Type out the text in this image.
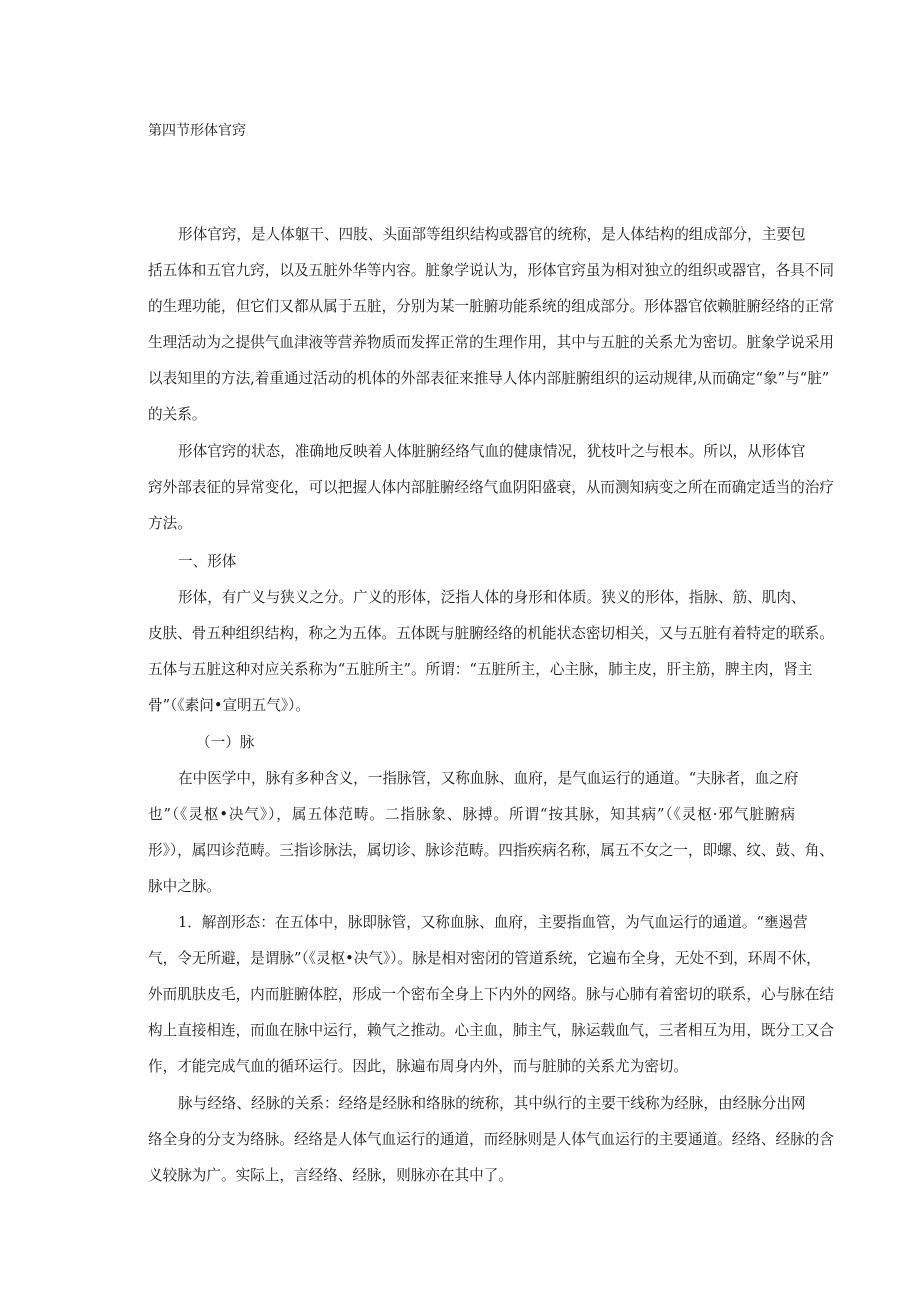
第四节形体官窍
形体官窍，是人体躯干、四肢、头面部等组织结构或器官的统称，是人体结构的组成部分，主要包
括五体和五官九窍，以及五脏外华等内容。脏象学说认为，形体官窍虽为相对独立的组织或器官，各具不同
的生理功能，但它们又都从属于五脏，分别为某一脏腑功能系统的组成部分。形体器官依赖脏腑经络的正常
生理活动为之提供气血津液等营养物质而发挥正常的生理作用，其中与五脏的关系尤为密切。脏象学说采用
以表知里的方法,着重通过活动的机体的外部表征来推导人体内部脏腑组织的运动规律,从而确定“象”与“脏”
的关系。
形体官窍的状态，准确地反映着人体脏腑经络气血的健康情况，犹枝叶之与根本。所以，从形体官
窍外部表征的异常变化，可以把握人体内部脏腑经络气血阴阳盛衰，从而测知病变之所在而确定适当的治疗
方法。
一、形体
形体，有广义与狭义之分。广义的形体，泛指人体的身形和体质。狭义的形体，指脉、筋、肌肉、
皮肤、骨五种组织结构，称之为五体。五体既与脏腑经络的机能状态密切相关，又与五脏有着特定的联系。
五体与五脏这种对应关系称为“五脏所主”。所谓：“五脏所主，心主脉，肺主皮，肝主筋，脾主肉，肾主
骨”（《素问•宣明五气》）。
（一）脉
在中医学中，脉有多种含义，一指脉管，又称血脉、血府，是气血运行的通道。“夫脉者，血之府
也”（《灵枢•决气》），属五体范畴。二指脉象、脉搏。所谓“按其脉，知其病”（《灵枢·邪气脏腑病
形》），属四诊范畴。三指诊脉法，属切诊、脉诊范畴。四指疾病名称，属五不女之一，即螺、纹、鼓、角、
脉中之脉。
1．解剖形态：在五体中，脉即脉管，又称血脉、血府，主要指血管，为气血运行的通道。“壅遏营
气，令无所避，是谓脉”（《灵枢•决气》）。脉是相对密闭的管道系统，它遍布全身，无处不到，环周不休，
外而肌肤皮毛，内而脏腑体腔，形成一个密布全身上下内外的网络。脉与心肺有着密切的联系，心与脉在结
构上直接相连，而血在脉中运行，赖气之推动。心主血，肺主气，脉运载血气，三者相互为用，既分工又合
作，才能完成气血的循环运行。因此，脉遍布周身内外，而与脏肺的关系尤为密切。
脉与经络、经脉的关系：经络是经脉和络脉的统称，其中纵行的主要干线称为经脉，由经脉分出网
络全身的分支为络脉。经络是人体气血运行的通道，而经脉则是人体气血运行的主要通道。经络、经脉的含
义较脉为广。实际上，言经络、经脉，则脉亦在其中了。
